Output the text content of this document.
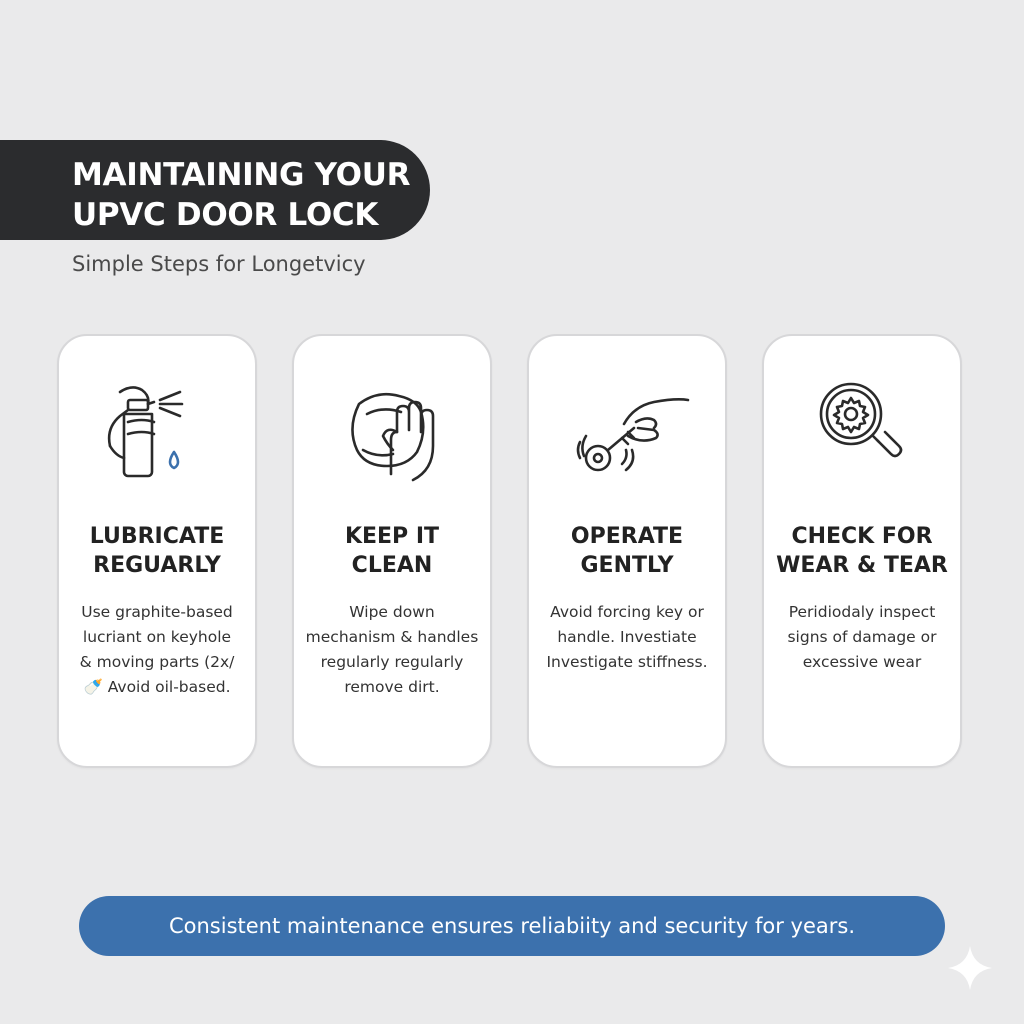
MAINTAINING YOUR
UPVC DOOR LOCK
Simple Steps for Longetvicy
LUBRICATE
REGUARLY
Use graphite-based
lucriant on keyhole
& moving parts (2x/
🍼 Avoid oil-based.
KEEP IT
CLEAN
Wipe down
mechanism & handles
regularly regularly
remove dirt.
OPERATE
GENTLY
Avoid forcing key or
handle. Investiate
Investigate stiffness.
CHECK FOR
WEAR & TEAR
Peridiodaly inspect
signs of damage or
excessive wear
Consistent maintenance ensures reliabiity and security for years.
